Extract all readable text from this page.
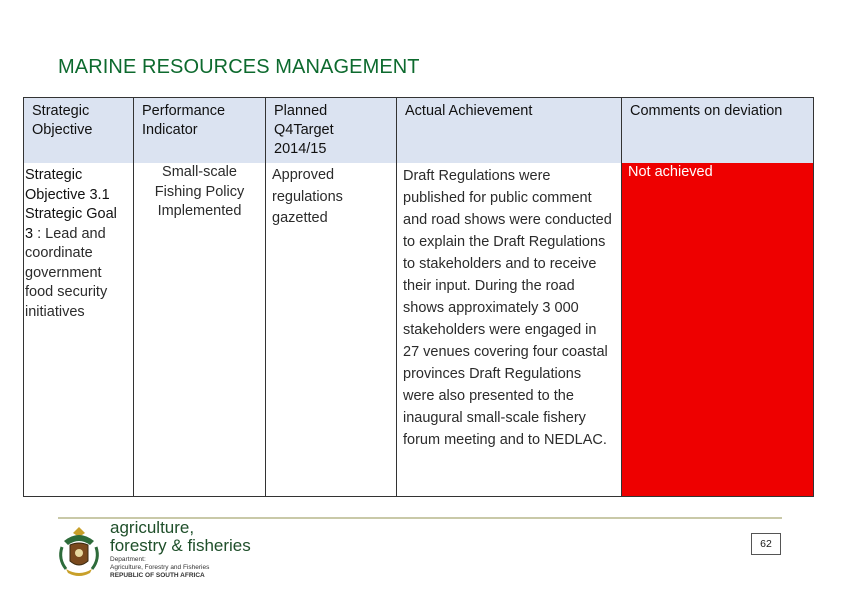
MARINE RESOURCES MANAGEMENT
Strategic Objective	Performance Indicator	Planned Q4Target 2014/15	Actual Achievement	Comments on deviation
Strategic Objective 3.1 Strategic Goal 3 : Lead and coordinate government food security initiatives	Small-scale Fishing Policy Implemented	Approved regulations gazetted	Draft Regulations were published for public comment and road shows were conducted to explain the Draft Regulations to stakeholders and to receive their input. During the road shows approximately 3 000 stakeholders were engaged in 27 venues covering four coastal provinces Draft Regulations were also presented to the inaugural small-scale fishery forum meeting and to NEDLAC.	Not achieved
agriculture,
forestry & fisheries
Department:
Agriculture, Forestry and Fisheries
REPUBLIC OF SOUTH AFRICA
62
